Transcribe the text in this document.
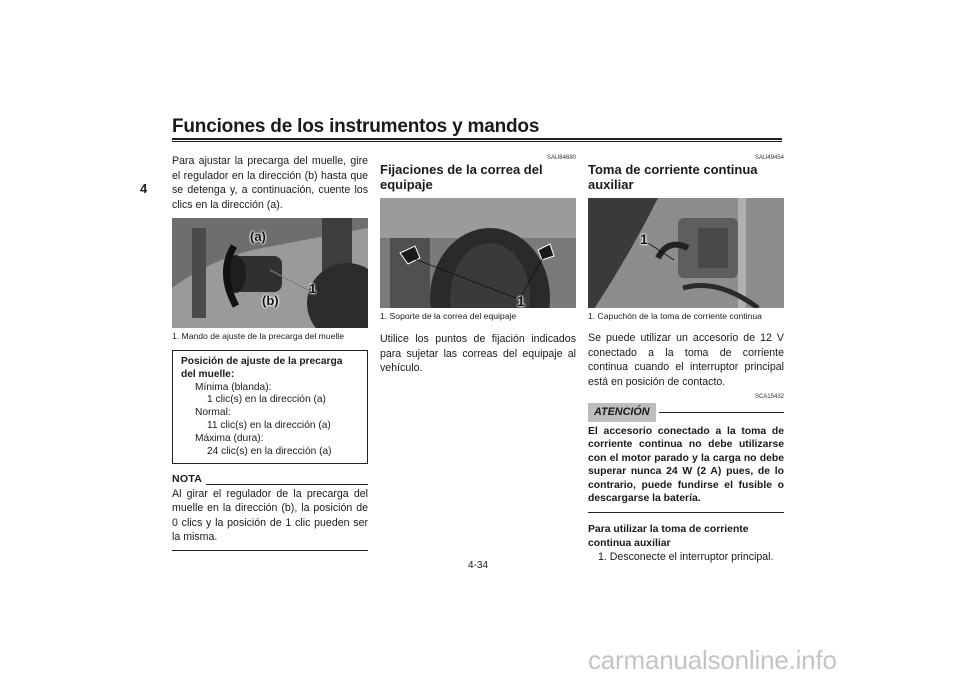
Funciones de los instrumentos y mandos
4

Para ajustar la precarga del muelle, gire el regulador en la dirección (b) hasta que se detenga y, a continuación, cuente los clics en la dirección (a).

(a)
(b)
1
1. Mando de ajuste de la precarga del muelle
Posición de ajuste de la precarga del muelle:
Mínima (blanda):
1 clic(s) en la dirección (a)
Normal:
11 clic(s) en la dirección (a)
Máxima (dura):
24 clic(s) en la dirección (a)
NOTA

Al girar el regulador de la precarga del muelle en la dirección (b), la posición de 0 clics y la posición de 1 clic pueden ser la misma.

SAU84680
Fijaciones de la correa del equipaje
1
1. Soporte de la correa del equipaje

Utilice los puntos de fijación indicados para sujetar las correas del equipaje al vehículo.

SAU49454
Toma de corriente continua auxiliar
1
1. Capuchón de la toma de corriente continua

Se puede utilizar un accesorio de 12 V conectado a la toma de corriente continua cuando el interruptor principal está en posición de contacto.

SCA15432
ATENCIÓN

El accesorio conectado a la toma de corriente continua no debe utilizarse con el motor parado y la carga no debe superar nunca 24 W (2 A) pues, de lo contrario, puede fundirse el fusible o descargarse la batería.

Para utilizar la toma de corriente continua auxiliar

1. Desconecte el interruptor principal.

4-34
carmanualsonline.info
